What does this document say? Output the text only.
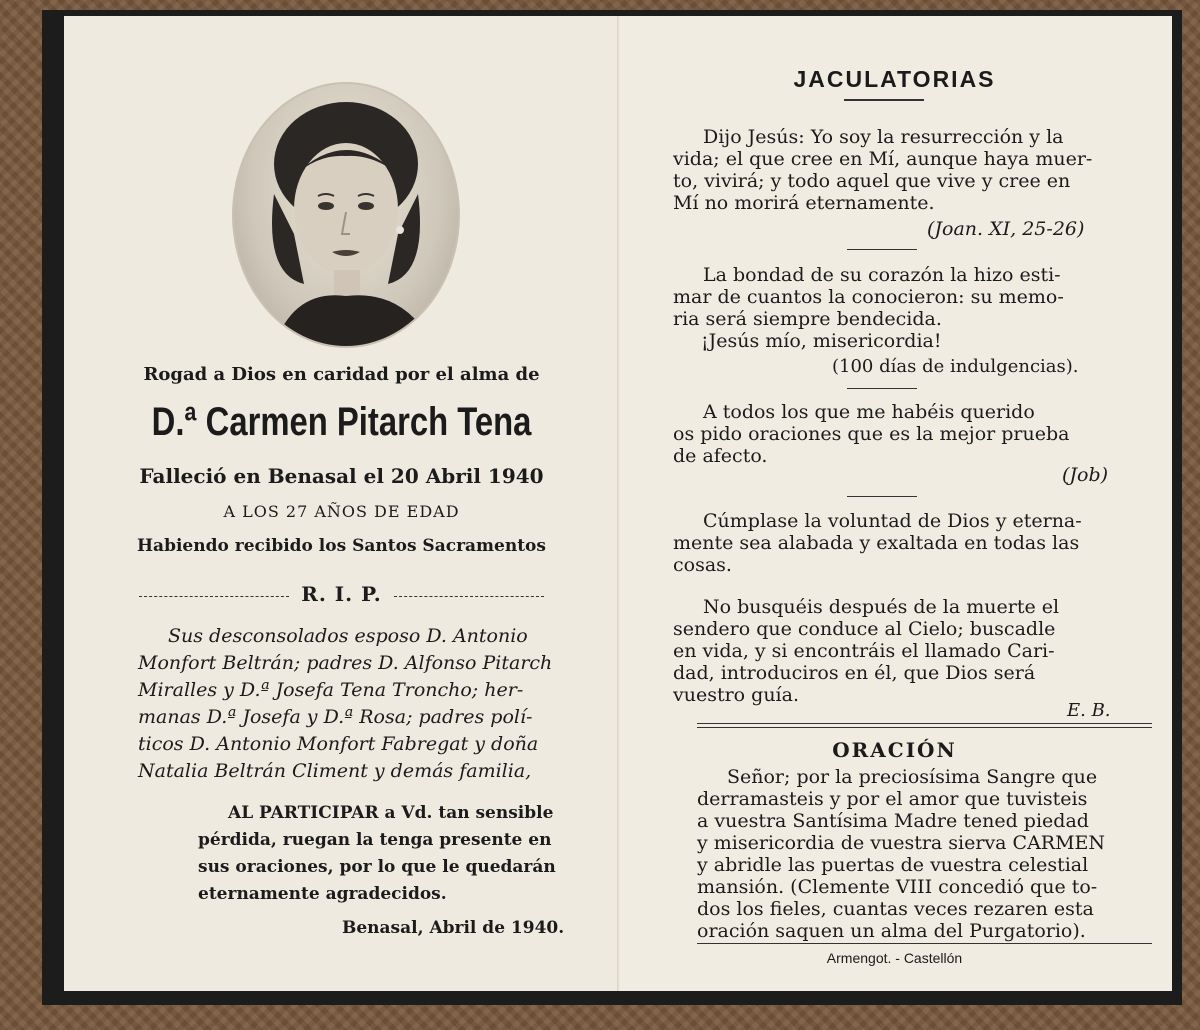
Rogad a Dios en caridad por el alma de
D.ª Carmen Pitarch Tena
Falleció en Benasal el 20 Abril 1940
A LOS 27 AÑOS DE EDAD
Habiendo recibido los Santos Sacramentos
R. I. P.
Sus desconsolados esposo D. Antonio
Monfort Beltrán; padres D. Alfonso Pitarch
Miralles y D.ª Josefa Tena Troncho; her-
manas D.ª Josefa y D.ª Rosa; padres polí-
ticos D. Antonio Monfort Fabregat y doña
Natalia Beltrán Climent y demás familia,
AL PARTICIPAR a Vd. tan sensible
pérdida, ruegan la tenga presente en
sus oraciones, por lo que le quedarán
eternamente agradecidos.
Benasal, Abril de 1940.
JACULATORIAS
Dijo Jesús: Yo soy la resurrección y la
vida; el que cree en Mí, aunque haya muer-
to, vivirá; y todo aquel que vive y cree en
Mí no morirá eternamente.
(Joan. XI, 25-26)
La bondad de su corazón la hizo esti-
mar de cuantos la conocieron: su memo-
ria será siempre bendecida.
¡Jesús mío, misericordia!
(100 días de indulgencias).
A todos los que me habéis querido
os pido oraciones que es la mejor prueba
de afecto.
(Job)
Cúmplase la voluntad de Dios y eterna-
mente sea alabada y exaltada en todas las
cosas.
No busquéis después de la muerte el
sendero que conduce al Cielo; buscadle
en vida, y si encontráis el llamado Cari-
dad, introduciros en él, que Dios será
vuestro guía.
E. B.
ORACIÓN
Señor; por la preciosísima Sangre que
derramasteis y por el amor que tuvisteis
a vuestra Santísima Madre tened piedad
y misericordia de vuestra sierva CARMEN
y abridle las puertas de vuestra celestial
mansión. (Clemente VIII concedió que to-
dos los fieles, cuantas veces rezaren esta
oración saquen un alma del Purgatorio).
Armengot. - Castellón
